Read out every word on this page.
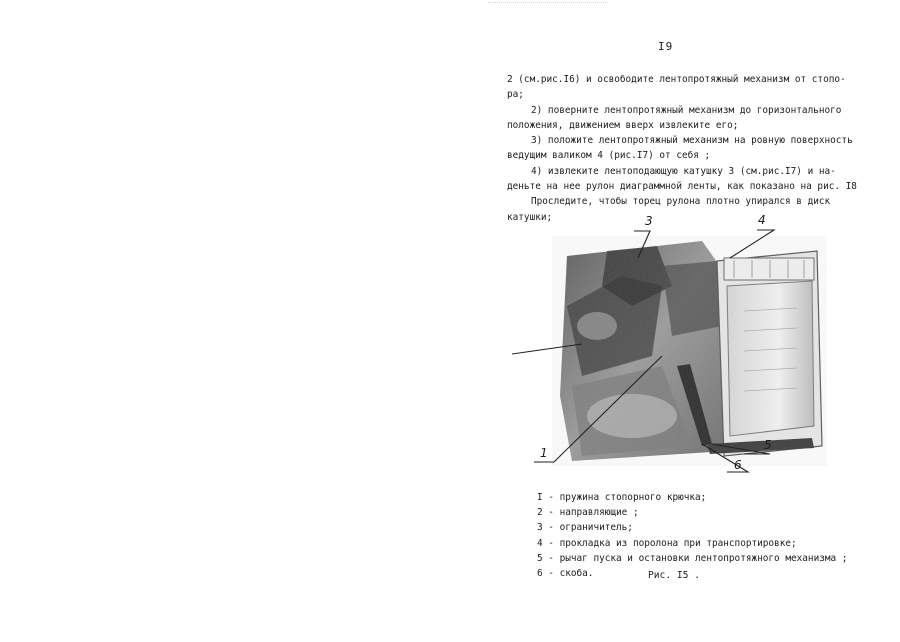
I9
2 (см.рис.I6) и освободите лентопротяжный механизм от стопо-
ра;
2) поверните лентопротяжный механизм до горизонтального
положения, движением вверх извлеките его;
3) положите лентопротяжный механизм на ровную поверхность
ведущим валиком 4 (рис.I7) от себя ;
4) извлеките лентоподающую катушку 3 (см.рис.I7) и на-
деньте на нее рулон диаграммной ленты, как показано на рис. I8
Проследите, чтобы торец рулона плотно упирался в диск
катушки;	3	4
1
5
6
I - пружина стопорного крючка;
2 - направляющие ;
3 - ограничитель;
4 - прокладка из поролона при транспортировке;
5 - рычаг пуска и остановки лентопротяжного механизма ;
6 - скоба.	Рис. I5 .
